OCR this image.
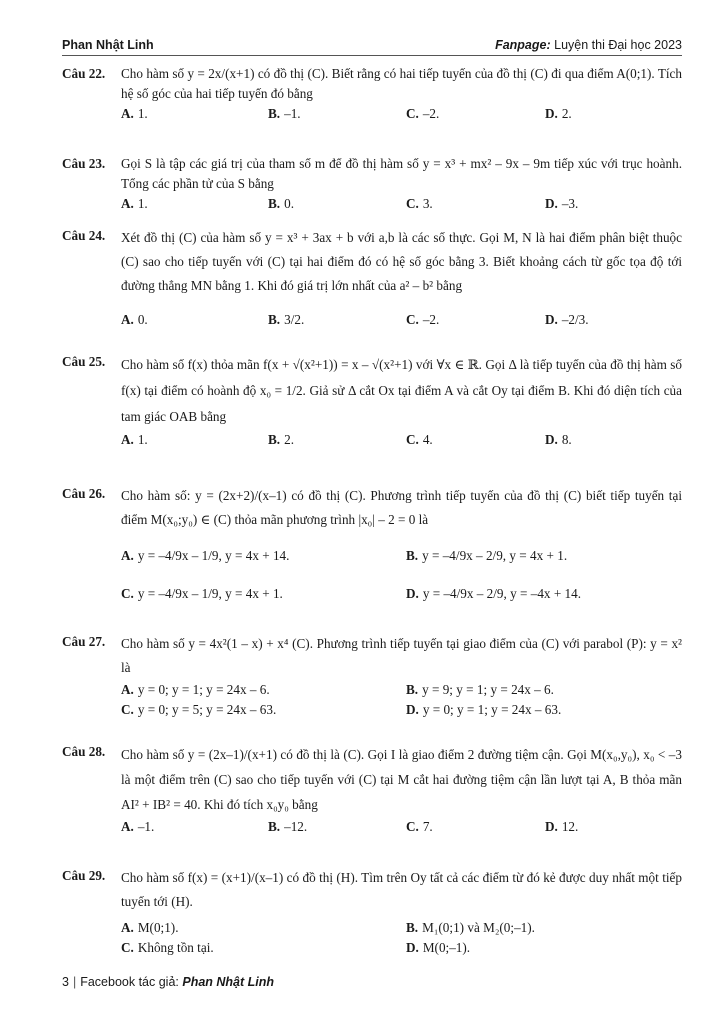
Phan Nhật Linh	Fanpage: Luyện thi Đại học 2023
Câu 22. Cho hàm số y = 2x/(x+1) có đồ thị (C). Biết rằng có hai tiếp tuyến của đồ thị (C) đi qua điểm A(0;1). Tích hệ số góc của hai tiếp tuyến đó bằng
A. 1.	B. –1.	C. –2.	D. 2.
Câu 23. Gọi S là tập các giá trị của tham số m để đồ thị hàm số y = x³ + mx² – 9x – 9m tiếp xúc với trục hoành. Tổng các phần tử của S bằng
A. 1.	B. 0.	C. 3.	D. –3.
Câu 24. Xét đồ thị (C) của hàm số y = x³ + 3ax + b với a,b là các số thực. Gọi M, N là hai điểm phân biệt thuộc (C) sao cho tiếp tuyến với (C) tại hai điểm đó có hệ số góc bằng 3. Biết khoảng cách từ gốc tọa độ tới đường thẳng MN bằng 1. Khi đó giá trị lớn nhất của a² – b² bằng
A. 0.	B. 3/2.	C. –2.	D. –2/3.
Câu 25. Cho hàm số f(x) thỏa mãn f(x + √(x²+1)) = x – √(x²+1) với ∀x ∈ ℝ. Gọi Δ là tiếp tuyến của đồ thị hàm số f(x) tại điểm có hoành độ x₀ = 1/2. Giả sử Δ cắt Ox tại điểm A và cắt Oy tại điểm B. Khi đó diện tích của tam giác OAB bằng
A. 1.	B. 2.	C. 4.	D. 8.
Câu 26. Cho hàm số: y = (2x+2)/(x–1) có đồ thị (C). Phương trình tiếp tuyến của đồ thị (C) biết tiếp tuyến tại điểm M(x₀;y₀) ∈ (C) thỏa mãn phương trình |x₀| – 2 = 0 là
A. y = –4/9x – 1/9, y = 4x + 14.	B. y = –4/9x – 2/9, y = 4x + 1.
C. y = –4/9x – 1/9, y = 4x + 1.	D. y = –4/9x – 2/9, y = –4x + 14.
Câu 27. Cho hàm số y = 4x²(1 – x) + x⁴ (C). Phương trình tiếp tuyến tại giao điểm của (C) với parabol (P): y = x² là
A. y = 0; y = 1; y = 24x – 6.	B. y = 9; y = 1; y = 24x – 6.
C. y = 0; y = 5; y = 24x – 63.	D. y = 0; y = 1; y = 24x – 63.
Câu 28. Cho hàm số y = (2x–1)/(x+1) có đồ thị là (C). Gọi I là giao điểm 2 đường tiệm cận. Gọi M(x₀,y₀), x₀ < –3 là một điểm trên (C) sao cho tiếp tuyến với (C) tại M cắt hai đường tiệm cận lần lượt tại A, B thỏa mãn AI² + IB² = 40. Khi đó tích x₀y₀ bằng
A. –1.	B. –12.	C. 7.	D. 12.
Câu 29. Cho hàm số f(x) = (x+1)/(x–1) có đồ thị (H). Tìm trên Oy tất cả các điểm từ đó kẻ được duy nhất một tiếp tuyến tới (H).
A. M(0;1).	B. M₁(0;1) và M₂(0;–1).
C. Không tồn tại.	D. M(0;–1).
3 | Facebook tác giả: Phan Nhật Linh
